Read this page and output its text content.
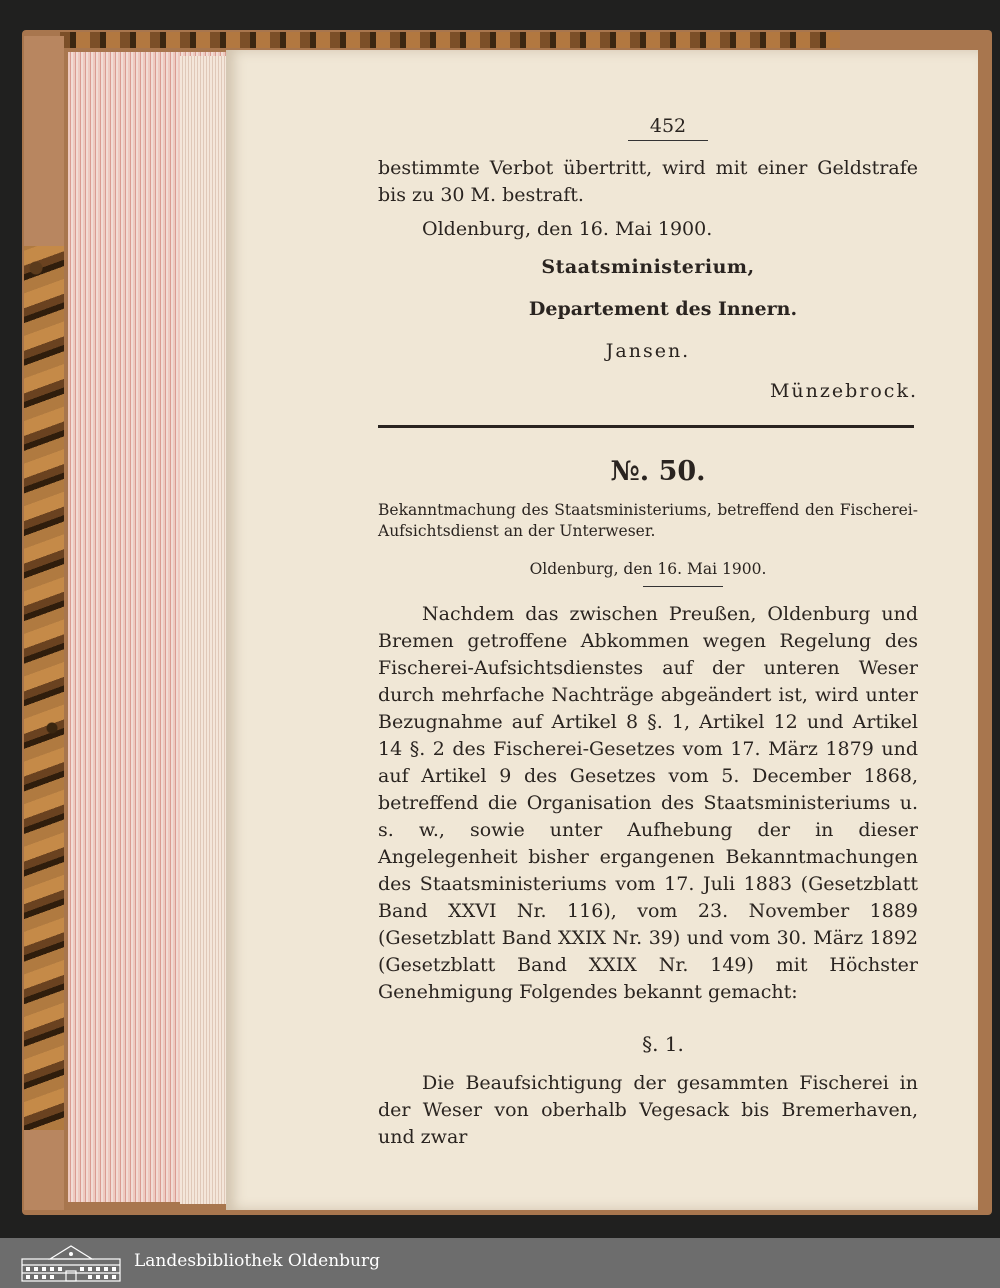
452

bestimmte Verbot übertritt, wird mit einer Geldstrafe bis zu 30 M. bestraft.

Oldenburg, den 16. Mai 1900.
Staatsministerium,
Departement des Innern.
Jansen.
Münzebrock.
№. 50.

Bekanntmachung des Staatsministeriums, betreffend den Fischerei-Aufsichtsdienst an der Unterweser.

Oldenburg, den 16. Mai 1900.

Nachdem das zwischen Preußen, Oldenburg und Bremen getroffene Abkommen wegen Regelung des Fischerei-Aufsichtsdienstes auf der unteren Weser durch mehrfache Nachträge abgeändert ist, wird unter Bezugnahme auf Artikel 8 §. 1, Artikel 12 und Artikel 14 §. 2 des Fischerei-Gesetzes vom 17. März 1879 und auf Artikel 9 des Gesetzes vom 5. December 1868, betreffend die Organisation des Staatsministeriums u. s. w., sowie unter Aufhebung der in dieser Angelegenheit bisher ergangenen Bekanntmachungen des Staatsministeriums vom 17. Juli 1883 (Gesetzblatt Band XXVI Nr. 116), vom 23. November 1889 (Gesetzblatt Band XXIX Nr. 39) und vom 30. März 1892 (Gesetzblatt Band XXIX Nr. 149) mit Höchster Genehmigung Folgendes bekannt gemacht:

§. 1.

Die Beaufsichtigung der gesammten Fischerei in der Weser von oberhalb Vegesack bis Bremerhaven, und zwar

Landesbibliothek Oldenburg
